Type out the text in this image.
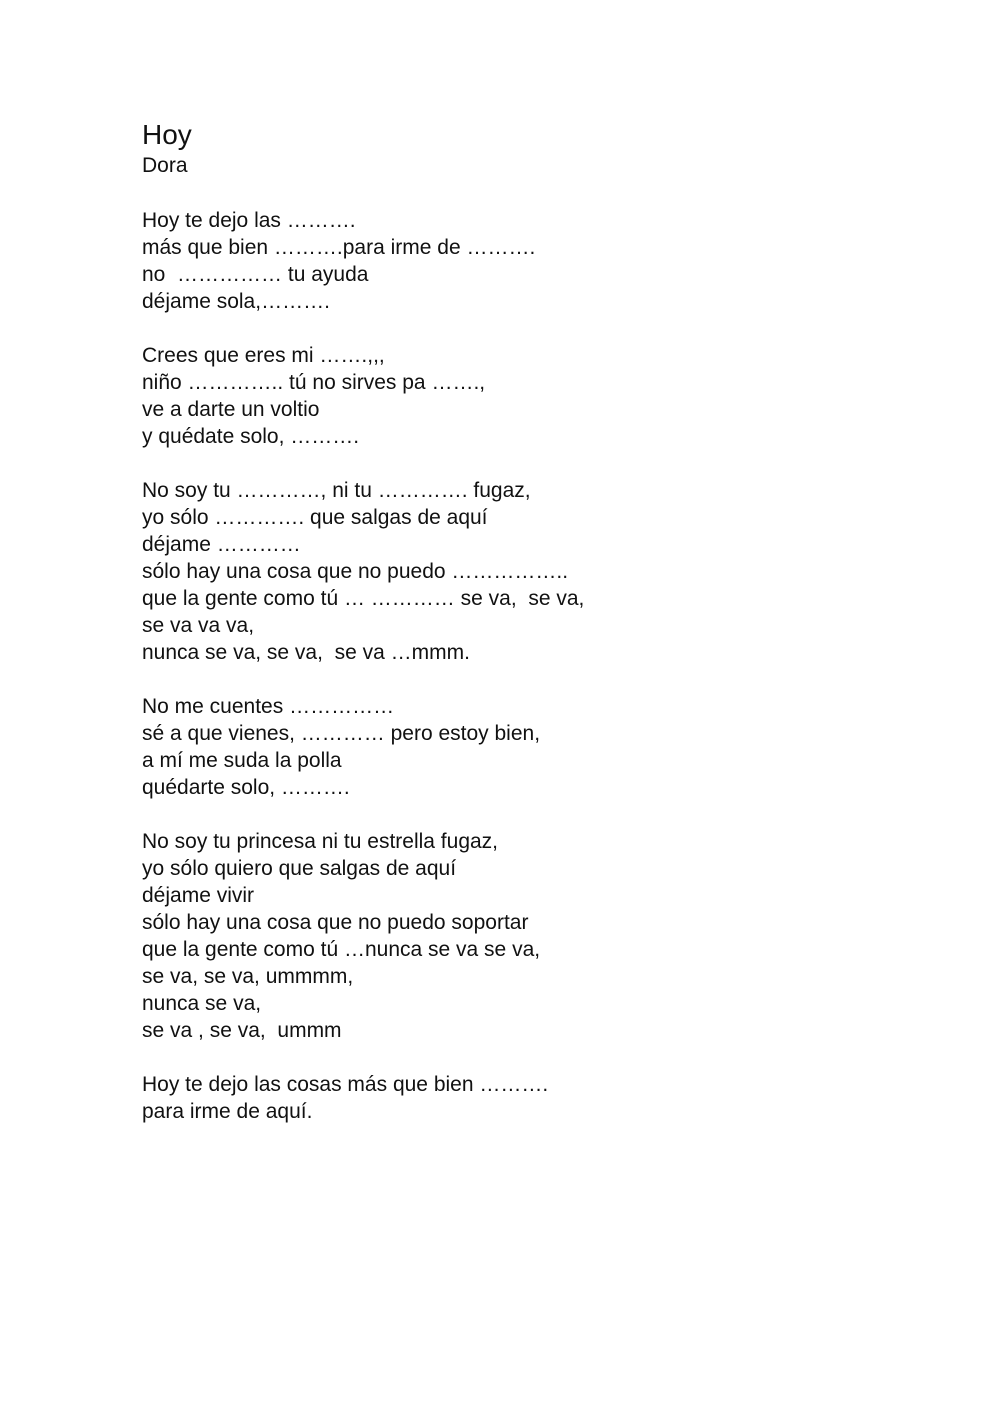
Hoy
Dora
Hoy te dejo las ……….
más que bien ……….para irme de ……….
no  …………… tu ayuda
déjame sola,……….
Crees que eres mi …….,,,
niño ………….. tú no sirves pa …….,
ve a darte un voltio
y quédate solo, ……….
No soy tu …………, ni tu …………. fugaz,
yo sólo …………. que salgas de aquí
déjame …………
sólo hay una cosa que no puedo ……………..
que la gente como tú … ………… se va,  se va,
se va va va,
nunca se va, se va,  se va …mmm.
No me cuentes ……………
sé a que vienes, ………… pero estoy bien,
a mí me suda la polla
quédarte solo, ……….
No soy tu princesa ni tu estrella fugaz,
yo sólo quiero que salgas de aquí
déjame vivir
sólo hay una cosa que no puedo soportar
que la gente como tú …nunca se va se va,
se va, se va, ummmm,
nunca se va,
se va , se va,  ummm
Hoy te dejo las cosas más que bien ……….
para irme de aquí.
